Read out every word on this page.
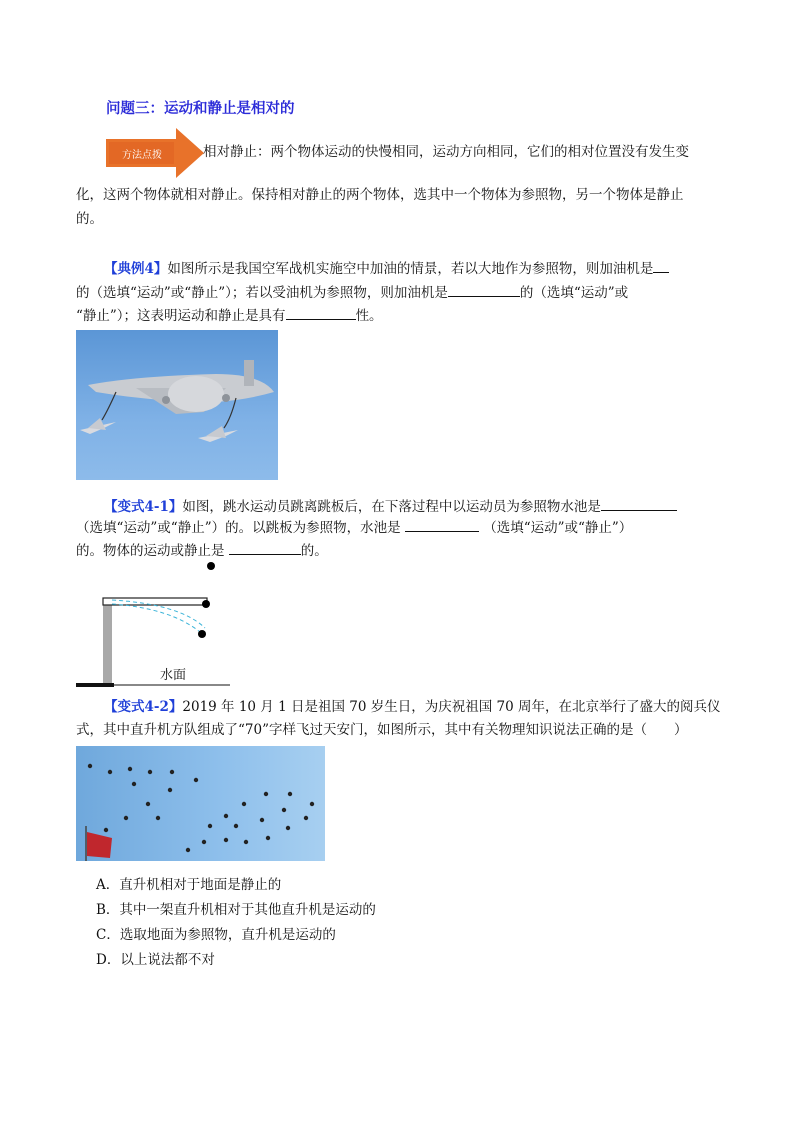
问题三：运动和静止是相对的
方法点拨	相对静止：两个物体运动的快慢相同，运动方向相同，它们的相对位置没有发生变
化，这两个物体就相对静止。保持相对静止的两个物体，选其中一个物体为参照物，另一个物体是静止
的。
【典例4】如图所示是我国空军战机实施空中加油的情景，若以大地作为参照物，则加油机是
的（选填“运动”或“静止”）；若以受油机为参照物，则加油机是	的（选填“运动”或
“静止”）；这表明运动和静止是具有	性。
【变式4-1】如图，跳水运动员跳离跳板后，在下落过程中以运动员为参照物水池是
（选填“运动”或“静止”）的。以跳板为参照物，水池是	（选填“运动”或“静止”）
的。物体的运动或静止是	的。
水面
【变式4-2】2019 年 10 月 1 日是祖国 70 岁生日，为庆祝祖国 70 周年，在北京举行了盛大的阅兵仪
式，其中直升机方队组成了“70”字样飞过天安门，如图所示，其中有关物理知识说法正确的是（　　）
A．直升机相对于地面是静止的
B．其中一架直升机相对于其他直升机是运动的
C．选取地面为参照物，直升机是运动的
D．以上说法都不对
